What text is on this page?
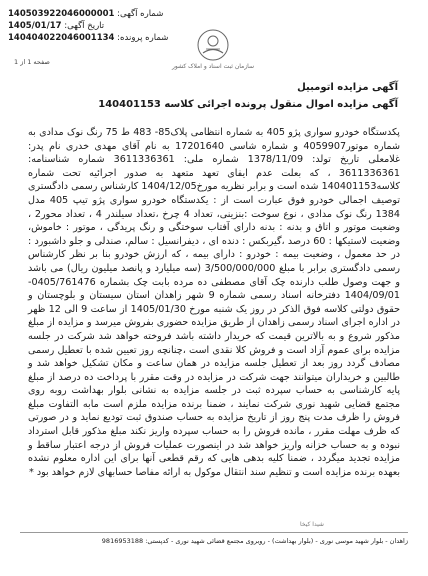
شماره آگهی: 140503922046000001
تاریخ آگهی: 1405/01/17
شماره پرونده: 140404022046001134
سازمان ثبت اسناد و املاک کشور
صفحه 1 از 1
آگهی مزایده اتومبیل
آگهی مزایده اموال منقول پرونده اجرائی کلاسه 140401153
پکدستگاه خودرو سواری پژو 405 به شماره انتظامی پلاک85- 483 ط 75 رنگ نوک مدادی به شماره موتور4059907 و شماره شاسی 17201640 به نام آقای مهدی خدری نام پدر: غلامعلی تاریخ تولد: 1378/11/09 شماره ملی: 3611336361 شماره شناسنامه: 3611336361 ، که بعلت عدم ایفای تعهد متعهد به صدور اجرائیه تحت شماره کلاسه140401153 شده است و برابر نظریه مورخ1404/12/05 کارشناس رسمی دادگستری توصیف اجمالی خودرو فوق عبارت است از : یکدستگاه خودرو سواری پژو تیپ 405 مدل 1384 رنگ نوک مدادی ، نوع سوخت :بنزینی، تعداد 4 چرخ ،تعداد سیلندر 4 ، تعداد محور2 ، وضعیت موتور و اتاق و بدنه : بدنه دارای آفتاب سوختگی و رنگ پریدگی ، موتور : خاموش، وضعیت لاستیکها : 60 درصد ،گیربکس : دنده ای ، دیفرانسیل : سالم، صندلی و جلو داشبورد : در حد معمول ، وضعیت بیمه : خودرو : دارای بیمه ، که ارزش خودرو بنا بر نظر کارشناس رسمی دادگستری برابر با مبلغ 3/500/000/000 (سه میلیارد و پانصد میلیون ریال) می باشد و جهت وصول طلب دارنده چک آقای مصطفی ده مرده بابت چک بشماره 0405/761476- 1404/09/01 دفترخانه اسناد رسمی شماره 9 شهر زاهدان استان سیستان و بلوچستان و حقوق دولتی کلاسه فوق الذکر در روز یک شنبه مورخ 1405/01/30 از ساعت 9 الی 12 ظهر در اداره اجرای اسناد رسمی زاهدان از طریق مزایده حضوری بفروش میرسد و مزایده از مبلغ مذکور شروع و به بالاترین قیمت که خریدار داشته باشد فروخته خواهد شد شرکت در جلسه مزایده برای عموم آزاد است و فروش کلا نقدی است ،چنانچه روز تعیین شده با تعطیل رسمی مصادف گردد روز بعد از تعطیل جلسه مزایده در همان ساعت و مکان تشکیل خواهد شد و طالبین و خریداران میتوانند جهت شرکت در مزایده در وقت مقرر با پرداخت ده درصد از مبلغ پایه کارشناسی به حساب سپرده ثبت در جلسه مزایده به نشانی بلوار بهداشت روبه روی مجتمع قضایی شهید نوری شرکت نمایند ، ضمنا برنده مزایده ملزم است مابه التفاوت مبلغ فروش را ظرف مدت پنج روز از تاریخ مزایده به حساب صندوق ثبت تودیع نماید و در صورتی که ظرف مهلت مقرر ، مانده فروش را به حساب سپرده واریز نکند مبلغ مذکور قابل استرداد نبوده و به حساب خزانه واریز خواهد شد در اینصورت عملیات فروش از درجه اعتبار ساقط و مزایده تجدید میگردد ، ضمنا کلیه بدهی هایی که رقم قطعی آنها برای این اداره معلوم نشده بعهده برنده مزایده است و تنظیم سند انتقال موکول به ارائه مفاصا حسابهای لازم خواهد بود *
شیدا کیخا
زاهدان - بلوار شهید موسی نوری - (بلوار بهداشت) - روبروی مجتمع قضائی شهید نوری - کدپستی: 9816953188
